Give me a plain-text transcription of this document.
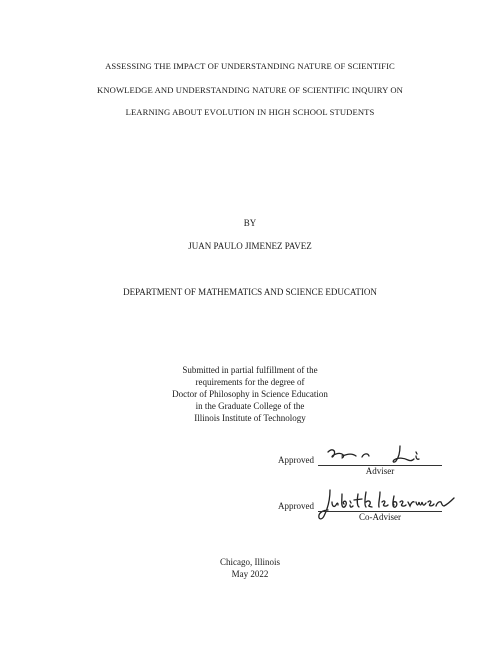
ASSESSING THE IMPACT OF UNDERSTANDING NATURE OF SCIENTIFIC
KNOWLEDGE AND UNDERSTANDING NATURE OF SCIENTIFIC INQUIRY ON
LEARNING ABOUT EVOLUTION IN HIGH SCHOOL STUDENTS
BY
JUAN PAULO JIMENEZ PAVEZ
DEPARTMENT OF MATHEMATICS AND SCIENCE EDUCATION
Submitted in partial fulfillment of the
requirements for the degree of
Doctor of Philosophy in Science Education
in the Graduate College of the
Illinois Institute of Technology
Approved
Adviser
Approved
Co-Adviser
Chicago, Illinois
May 2022
